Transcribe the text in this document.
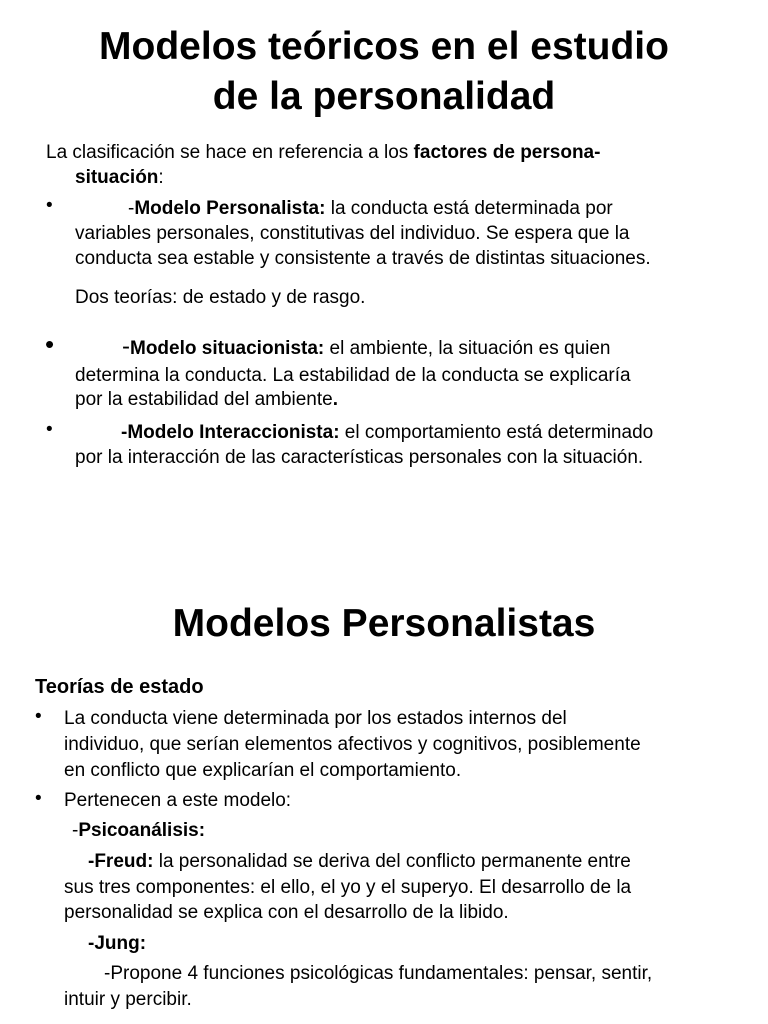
Modelos teóricos en el estudio
de la personalidad
La clasificación se hace en referencia a los factores de persona-
situación:
•	-Modelo Personalista: la conducta está determinada por
variables personales, constitutivas del individuo. Se espera que la
conducta sea estable y consistente a través de distintas situaciones.
Dos teorías: de estado y de rasgo.
•	-Modelo situacionista: el ambiente, la situación es quien
determina la conducta. La estabilidad de la conducta se explicaría
por la estabilidad del ambiente.
•	-Modelo Interaccionista: el comportamiento está determinado
por la interacción de las características personales con la situación.
Modelos Personalistas
Teorías de estado
• La conducta viene determinada por los estados internos del
individuo, que serían elementos afectivos y cognitivos, posiblemente
en conflicto que explicarían el comportamiento.
• Pertenecen a este modelo:
-Psicoanálisis:
-Freud: la personalidad se deriva del conflicto permanente entre
sus tres componentes: el ello, el yo y el superyo. El desarrollo de la
personalidad se explica con el desarrollo de la libido.
-Jung:
-Propone 4 funciones psicológicas fundamentales: pensar, sentir,
intuir y percibir.
